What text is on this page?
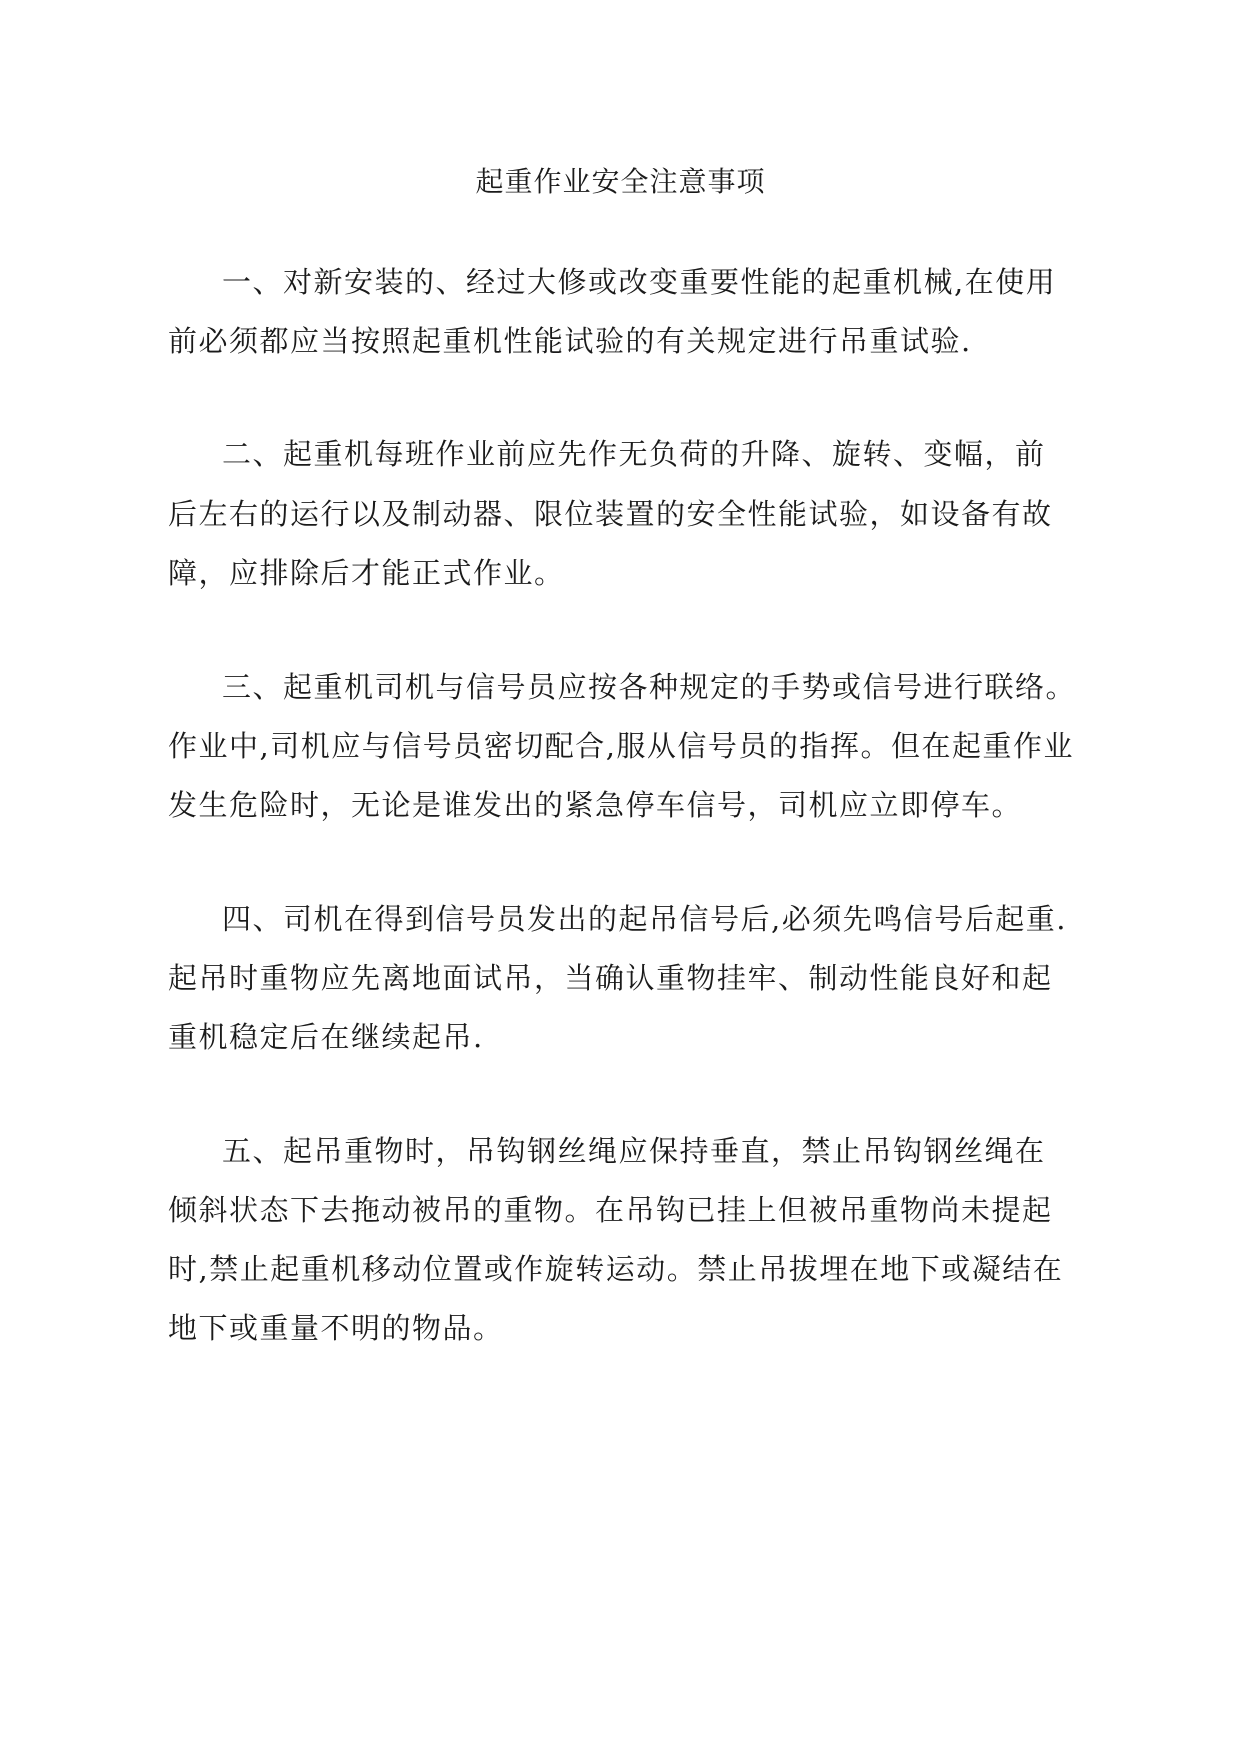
起重作业安全注意事项
一、对新安装的、经过大修或改变重要性能的起重机械,在使用
前必须都应当按照起重机性能试验的有关规定进行吊重试验.
二、起重机每班作业前应先作无负荷的升降、旋转、变幅，前
后左右的运行以及制动器、限位装置的安全性能试验，如设备有故
障，应排除后才能正式作业。
三、起重机司机与信号员应按各种规定的手势或信号进行联络。
作业中,司机应与信号员密切配合,服从信号员的指挥。但在起重作业
发生危险时，无论是谁发出的紧急停车信号，司机应立即停车。
四、司机在得到信号员发出的起吊信号后,必须先鸣信号后起重.
起吊时重物应先离地面试吊，当确认重物挂牢、制动性能良好和起
重机稳定后在继续起吊.
五、起吊重物时，吊钩钢丝绳应保持垂直，禁止吊钩钢丝绳在
倾斜状态下去拖动被吊的重物。在吊钩已挂上但被吊重物尚未提起
时,禁止起重机移动位置或作旋转运动。禁止吊拔埋在地下或凝结在
地下或重量不明的物品。
